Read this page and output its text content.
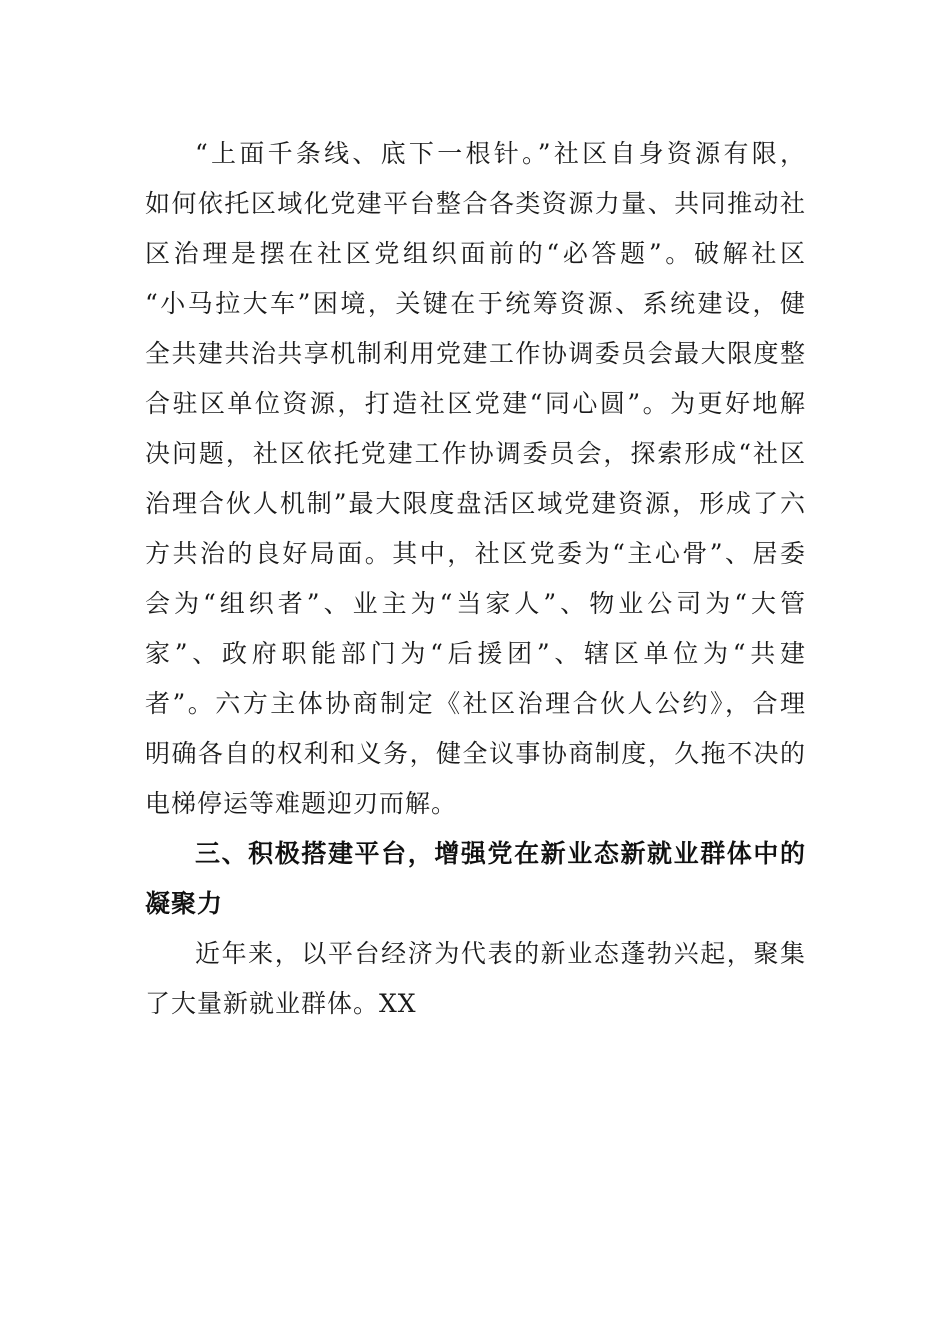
“上面千条线、底下一根针。”社区自身资源有限，
如何依托区域化党建平台整合各类资源力量、共同推动社
区治理是摆在社区党组织面前的“必答题”。破解社区
“小马拉大车”困境，关键在于统筹资源、系统建设，健
全共建共治共享机制利用党建工作协调委员会最大限度整
合驻区单位资源，打造社区党建“同心圆”。为更好地解
决问题，社区依托党建工作协调委员会，探索形成“社区
治理合伙人机制”最大限度盘活区域党建资源，形成了六
方共治的良好局面。其中，社区党委为“主心骨”、居委
会为“组织者”、业主为“当家人”、物业公司为“大管
家”、政府职能部门为“后援团”、辖区单位为“共建
者”。六方主体协商制定《社区治理合伙人公约》，合理
明确各自的权利和义务，健全议事协商制度，久拖不决的
电梯停运等难题迎刃而解。
三、积极搭建平台，增强党在新业态新就业群体中的
凝聚力
近年来，以平台经济为代表的新业态蓬勃兴起，聚集
了大量新就业群体。XX
